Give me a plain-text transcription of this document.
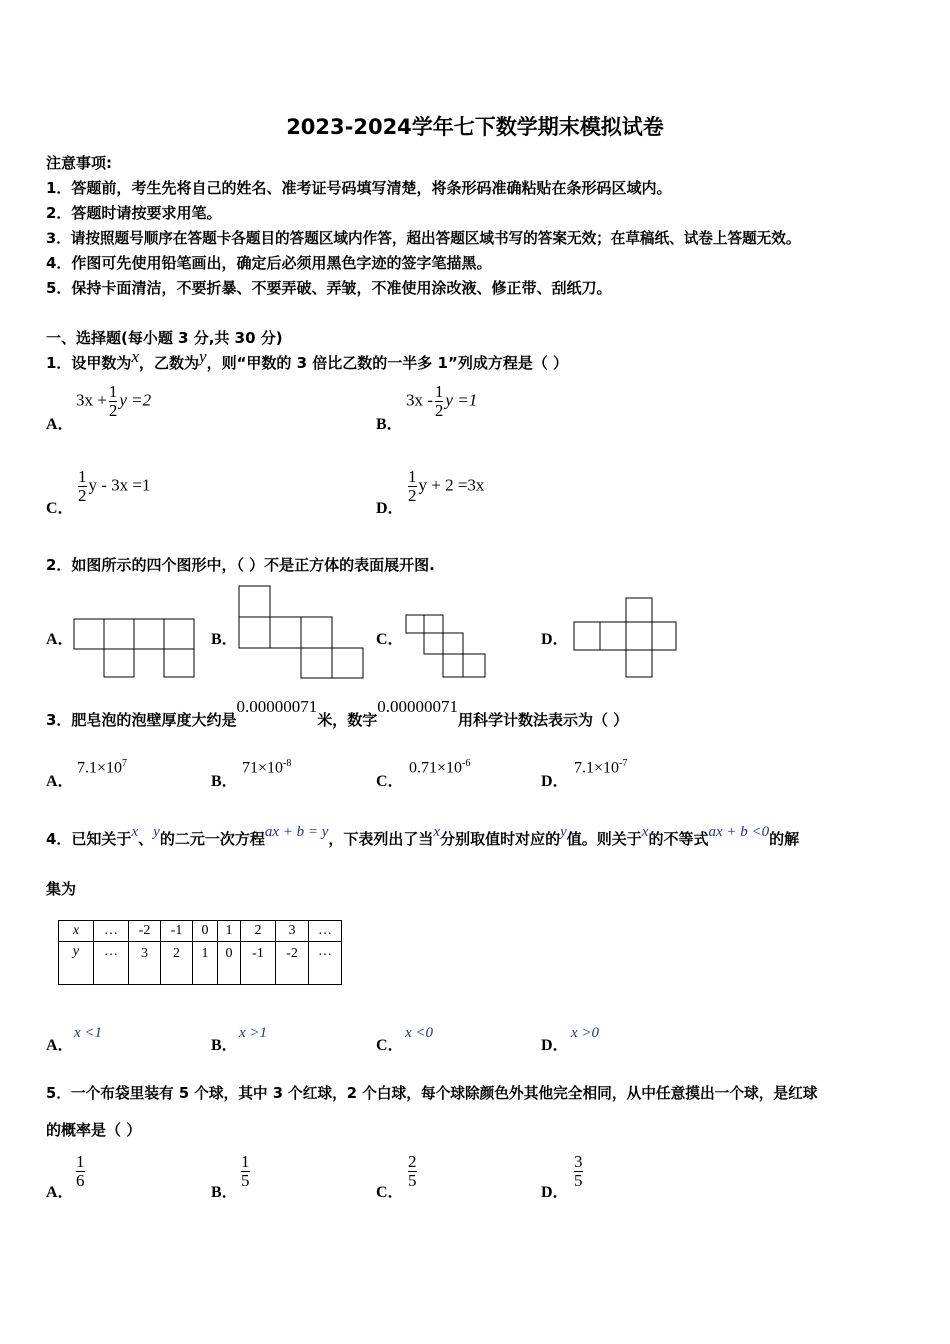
2023-2024学年七下数学期末模拟试卷
注意事项:
1．答题前，考生先将自己的姓名、准考证号码填写清楚，将条形码准确粘贴在条形码区域内。
2．答题时请按要求用笔。
3．请按照题号顺序在答题卡各题目的答题区域内作答，超出答题区域书写的答案无效；在草稿纸、试卷上答题无效。
4．作图可先使用铅笔画出，确定后必须用黑色字迹的签字笔描黑。
5．保持卡面清洁，不要折暴、不要弄破、弄皱，不准使用涂改液、修正带、刮纸刀。
一、选择题(每小题 3 分,共 30 分)
1．设甲数为x，乙数为y，则“甲数的 3 倍比乙数的一半多 1”列成方程是（ ）
A．
$3x + \frac{1}{2}$ y =2
B．
$3x - \frac{1}{2}$ y =1
C．
$\frac{1}{2}$ y - 3x =1
D．
$\frac{1}{2}$ y + 2 =3x
2．如图所示的四个图形中，（ ）不是正方体的表面展开图.
A．	B．	C．	D．
3．肥皂泡的泡壁厚度大约是0.00000071米，数字0.00000071用科学计数法表示为（ ）
A．
$7.1\times 10^7$
B．
$71\times 10^{-8}$
C．
$0.71\times 10^{-6}$
D．
$7.1\times 10^{-7}$
4．已知关于x、y的二元一次方程ax + b = y，下表列出了当x分别取值时对应的y值。则关于x的不等式ax + b <0的解
集为
x	…	-2	-1	0	1	2	3	…
y	…	3	2	1	0	-1	-2	…
A．
x <1
B．
x >1
C．
x <0
D．
x >0
5．一个布袋里装有 5 个球，其中 3 个红球，2 个白球，每个球除颜色外其他完全相同，从中任意摸出一个球，是红球
的概率是（ ）
A．
$\frac{1}{6}$
B．
$\frac{1}{5}$
C．
$\frac{2}{5}$
D．
$\frac{3}{5}$
